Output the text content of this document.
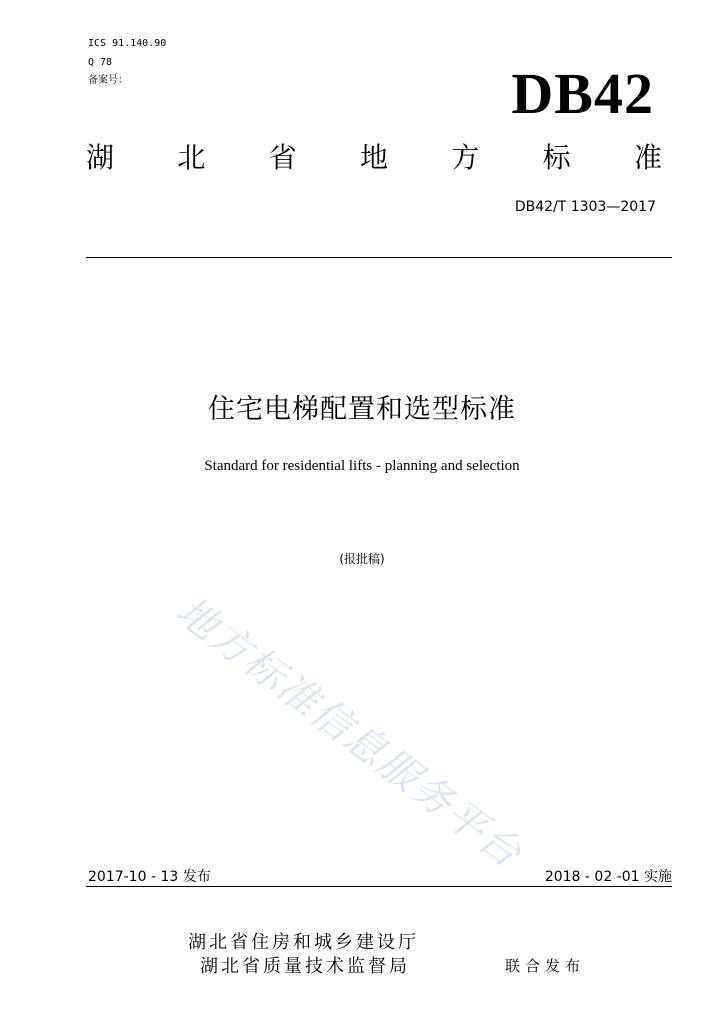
ICS 91.140.90
Q 78
备案号：	DB42
湖 北 省 地 方 标 准
DB42/T 1303—2017
住宅电梯配置和选型标准
Standard for residential lifts - planning and selection
(报批稿)
地方标准信息服务平台
2017-10 - 13 发布	2018 - 02 -01 实施
湖北省住房和城乡建设厅
湖北省质量技术监督局	联合发布
